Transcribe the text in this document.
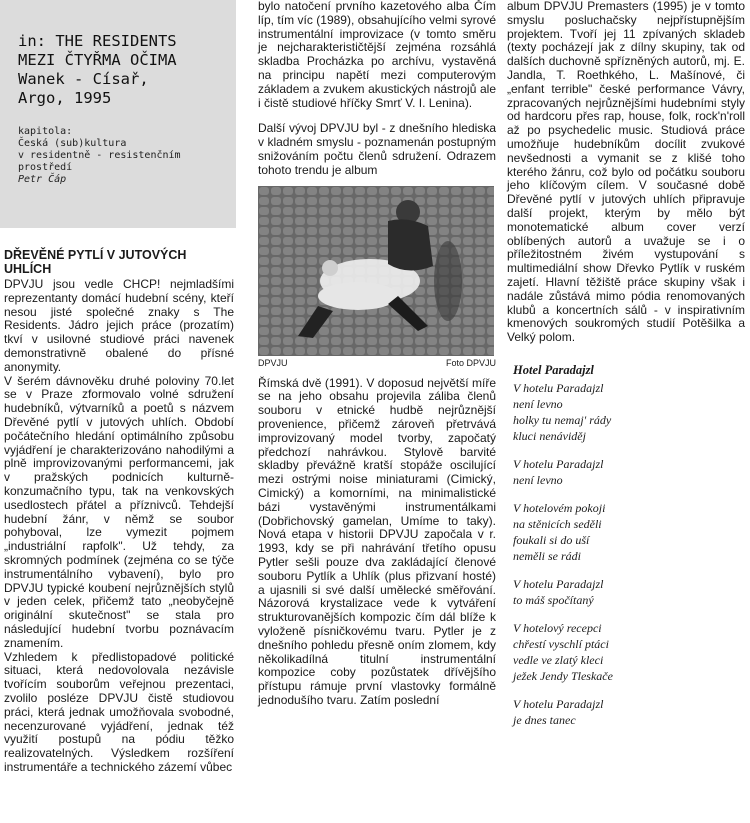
in: THE RESIDENTS
MEZI ČTYŘMA OČIMA
Wanek - Císař,
Argo, 1995
kapitola:
Česká (sub)kultura
v residentně - resistenčním
prostředí
Petr Čáp
DŘEVĚNÉ PYTLÍ V JUTOVÝCH UHLÍCH

DPVJU jsou vedle CHCP! nejmladšími reprezentanty domácí hudební scény, kteří nesou jisté společné znaky s The Residents. Jádro jejich práce (prozatím) tkví v usilovné studiové práci navenek demonstrativně obalené do přísné anonymity.

V šerém dávnověku druhé poloviny 70.let se v Praze zformovalo volné sdružení hudebníků, výtvarníků a poetů s názvem Dřevěné pytlí v jutových uhlích. Období počátečního hledání optimálního způsobu vyjádření je charakterizováno nahodilými a plně improvizovanými performancemi, jak v pražských podnicích kulturně-konzumačního typu, tak na venkovských usedlostech přátel a příznivců. Tehdejší hudební žánr, v němž se soubor pohyboval, lze vymezit pojmem „industriální rapfolk". Už tehdy, za skromných podmínek (zejména co se týče instrumentálního vybavení), bylo pro DPVJU typické koubení nejrůznějších stylů v jeden celek, přičemž tato „neobyčejně originální skutečnost" se stala pro následující hudební tvorbu poznávacím znamením.

Vzhledem k předlistopadové politické situaci, která nedovolovala nezávisle tvořícím souborům veřejnou prezentaci, zvolilo posléze DPVJU čistě studiovou práci, která jednak umožňovala svobodné, necenzurované vyjádření, jednak též využití postupů na pódiu těžko realizovatelných. Výsledkem rozšíření instrumentáře a technického zázemí vůbec

bylo natočení prvního kazetového alba Čím líp, tím víc (1989), obsahujícího velmi syrové instrumentální improvizace (v tomto směru je nejcharakterističtější zejména rozsáhlá skladba Procházka po archívu, vystavěná na principu napětí mezi computerovým základem a zvukem akustických nástrojů ale i čistě studiové hříčky Smrť V. I. Lenina).

Další vývoj DPVJU byl - z dnešního hlediska v kladném smyslu - poznamenán postupným snižováním počtu členů sdružení. Odrazem tohoto trendu je album

DPVJU	Foto DPVJU

Římská dvě (1991). V doposud největší míře se na jeho obsahu projevila záliba členů souboru v etnické hudbě nejrůznější provenience, přičemž zároveň přetrvává improvizovaný model tvorby, započatý předchozí nahrávkou. Stylově barvité skladby převážně kratší stopáže oscilující mezi ostrými noise miniaturami (Cimický, Cimický) a komorními, na minimalistické bázi vystavěnými instrumentálkami (Dobřichovský gamelan, Umíme to taky). Nová etapa v historii DPVJU započala v r. 1993, kdy se při nahrávání třetího opusu Pytler sešli pouze dva zakládající členové souboru Pytlík a Uhlík (plus přizvaní hosté) a ujasnili si své další umělecké směřování. Názorová krystalizace vede k vytváření strukturovanějších kompozic čím dál blíže k vyloženě písničkovému tvaru. Pytler je z dnešního pohledu přesně oním zlomem, kdy několikadílná titulní instrumentální kompozice coby pozůstatek dřívějšího přístupu rámuje první vlastovky formálně jednodušího tvaru. Zatím poslední

album DPVJU Premasters (1995) je v tomto smyslu posluchačsky nejpřístupnějším projektem. Tvoří jej 11 zpívaných skladeb (texty pocházejí jak z dílny skupiny, tak od dalších duchovně spřízněných autorů, mj. E. Jandla, T. Roethkého, L. Mašínové, či „enfant terrible" české performance Vávry, zpracovaných nejrůznějšími hudebními styly od hardcoru přes rap, house, folk, rock'n'roll až po psychedelic music. Studiová práce umožňuje hudebníkům docílit zvukové nevšednosti a vymanit se z klišé toho kterého žánru, což bylo od počátku souboru jeho klíčovým cílem. V současné době Dřevěné pytlí v jutových uhlích připravuje další projekt, kterým by mělo být monotematické album cover verzí oblíbených autorů a uvažuje se i o příležitostném živém vystupování s multimediální show Dřevko Pytlík v ruském zajetí. Hlavní těžiště práce skupiny však i nadále zůstává mimo pódia renomovaných klubů a koncertních sálů - v inspirativním kmenových soukromých studií Potěšilka a Velký polom.

Hotel Paradajzl
V hotelu Paradajzl
není levno
holky tu nemaj' rády
kluci nenáviděj
V hotelu Paradajzl
není levno
V hotelovém pokoji
na stěnicích seděli
foukali si do uší
neměli se rádi
V hotelu Paradajzl
to máš spočítaný
V hotelový recepci
chřestí vyschlí ptáci
vedle ve zlatý kleci
ježek Jendy Tleskače
V hotelu Paradajzl
je dnes tanec
